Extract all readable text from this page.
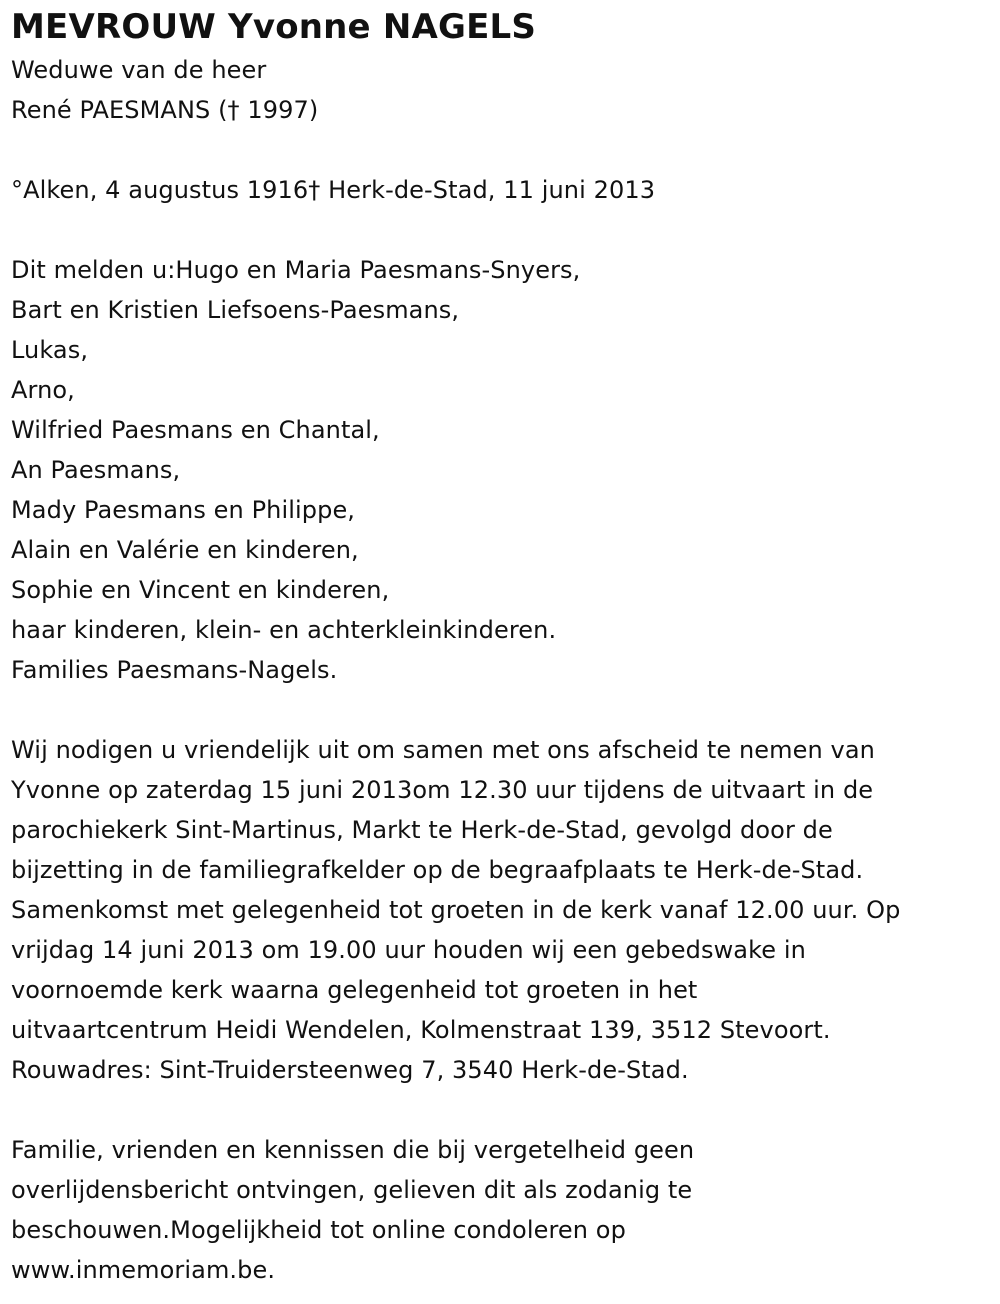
MEVROUW Yvonne NAGELS
Weduwe van de heer
René PAESMANS († 1997)
°Alken, 4 augustus 1916† Herk-de-Stad, 11 juni 2013
Dit melden u:Hugo en Maria Paesmans-Snyers,
Bart en Kristien Liefsoens-Paesmans,
Lukas,
Arno,
Wilfried Paesmans en Chantal,
An Paesmans,
Mady Paesmans en Philippe,
Alain en Valérie en kinderen,
Sophie en Vincent en kinderen,
haar kinderen, klein- en achterkleinkinderen.
Families Paesmans-Nagels.
Wij nodigen u vriendelijk uit om samen met ons afscheid te nemen van
Yvonne op zaterdag 15 juni 2013om 12.30 uur tijdens de uitvaart in de
parochiekerk Sint-Martinus, Markt te Herk-de-Stad, gevolgd door de
bijzetting in de familiegrafkelder op de begraafplaats te Herk-de-Stad.
Samenkomst met gelegenheid tot groeten in de kerk vanaf 12.00 uur. Op
vrijdag 14 juni 2013 om 19.00 uur houden wij een gebedswake in
voornoemde kerk waarna gelegenheid tot groeten in het
uitvaartcentrum Heidi Wendelen, Kolmenstraat 139, 3512 Stevoort.
Rouwadres: Sint-Truidersteenweg 7, 3540 Herk-de-Stad.
Familie, vrienden en kennissen die bij vergetelheid geen
overlijdensbericht ontvingen, gelieven dit als zodanig te
beschouwen.Mogelijkheid tot online condoleren op
www.inmemoriam.be.
